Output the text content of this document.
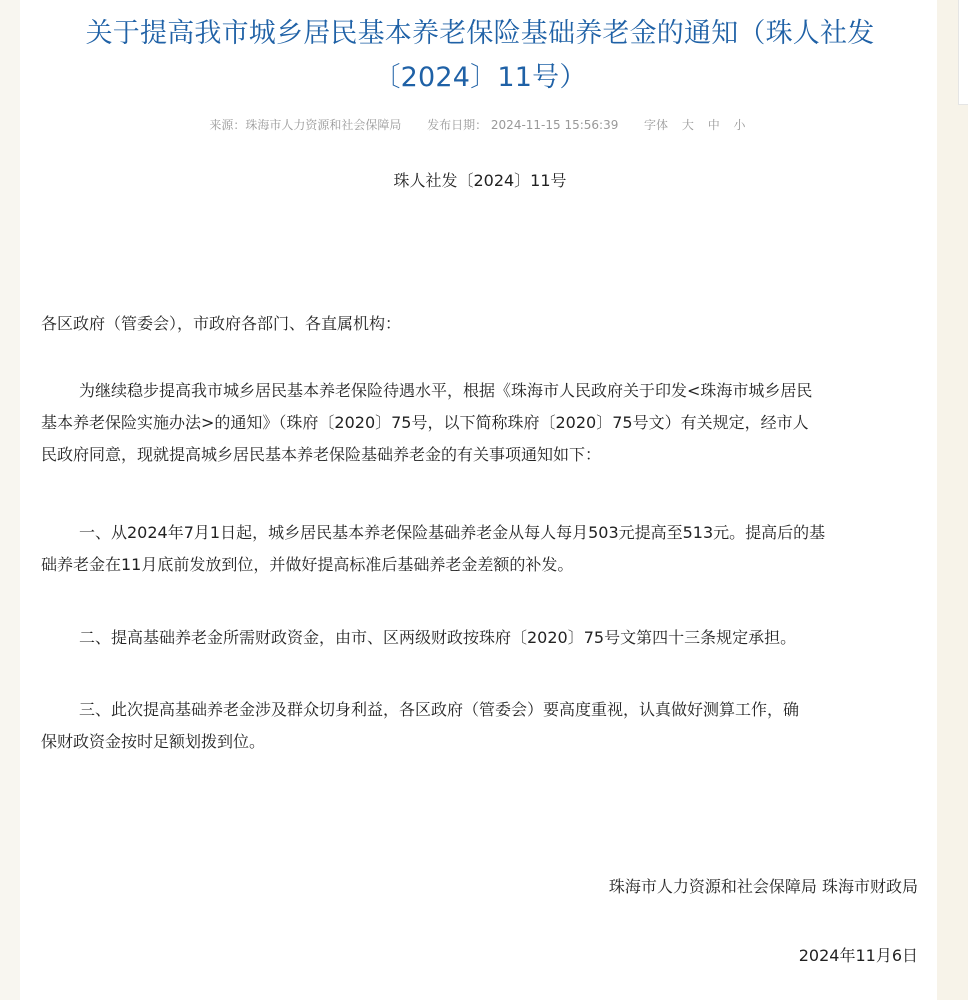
关于提高我市城乡居民基本养老保险基础养老金的通知（珠人社发
〔2024〕11号）
来源：珠海市人力资源和社会保障局 发布日期： 2024-11-15 15:56:39 字体 大 中 小
珠人社发〔2024〕11号

各区政府（管委会），市政府各部门、各直属机构：

为继续稳步提高我市城乡居民基本养老保险待遇水平，根据《珠海市人民政府关于印发<珠海市城乡居民
基本养老保险实施办法>的通知》（珠府〔2020〕75号，以下简称珠府〔2020〕75号文）有关规定，经市人
民政府同意，现就提高城乡居民基本养老保险基础养老金的有关事项通知如下：

一、从2024年7月1日起，城乡居民基本养老保险基础养老金从每人每月503元提高至513元。提高后的基
础养老金在11月底前发放到位，并做好提高标准后基础养老金差额的补发。

二、提高基础养老金所需财政资金，由市、区两级财政按珠府〔2020〕75号文第四十三条规定承担。

三、此次提高基础养老金涉及群众切身利益，各区政府（管委会）要高度重视，认真做好测算工作，确
保财政资金按时足额划拨到位。

珠海市人力资源和社会保障局 珠海市财政局
2024年11月6日
